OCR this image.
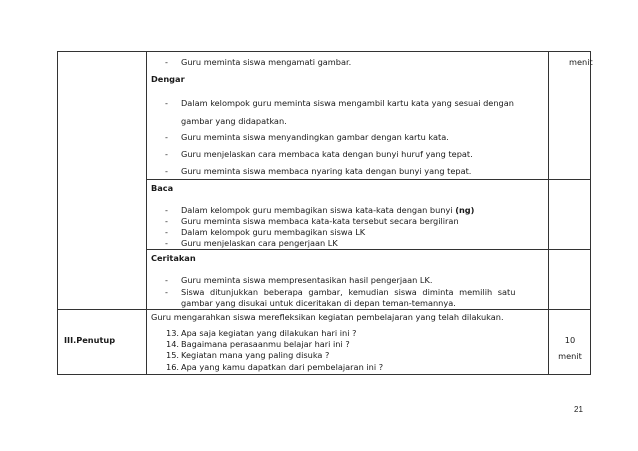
- Guru meminta siswa mengamati gambar.	menit
Dengar
- Dalam kelompok guru meminta siswa mengambil kartu kata yang sesuai dengan
gambar yang didapatkan.
- Guru meminta siswa menyandingkan gambar dengan kartu kata.
- Guru menjelaskan cara membaca kata dengan bunyi huruf yang tepat.
- Guru meminta siswa membaca nyaring kata dengan bunyi yang tepat.
Baca
- Dalam kelompok guru membagikan siswa kata-kata dengan bunyi (ng)
- Guru meminta siswa membaca kata-kata tersebut secara bergiliran
- Dalam kelompok guru membagikan siswa LK
- Guru menjelaskan cara pengerjaan LK
Ceritakan
- Guru meminta siswa mempresentasikan hasil pengerjaan LK.
- Siswa ditunjukkan beberapa gambar, kemudian siswa diminta memilih satu
gambar yang disukai untuk diceritakan di depan teman-temannya.
Guru mengarahkan siswa merefleksikan kegiatan pembelajaran yang telah dilakukan.
III.Penutup
13. Apa saja kegiatan yang dilakukan hari ini ?
14. Bagaimana perasaanmu belajar hari ini ?
15. Kegiatan mana yang paling disuka ?
16. Apa yang kamu dapatkan dari pembelajaran ini ?
10
menit
21
